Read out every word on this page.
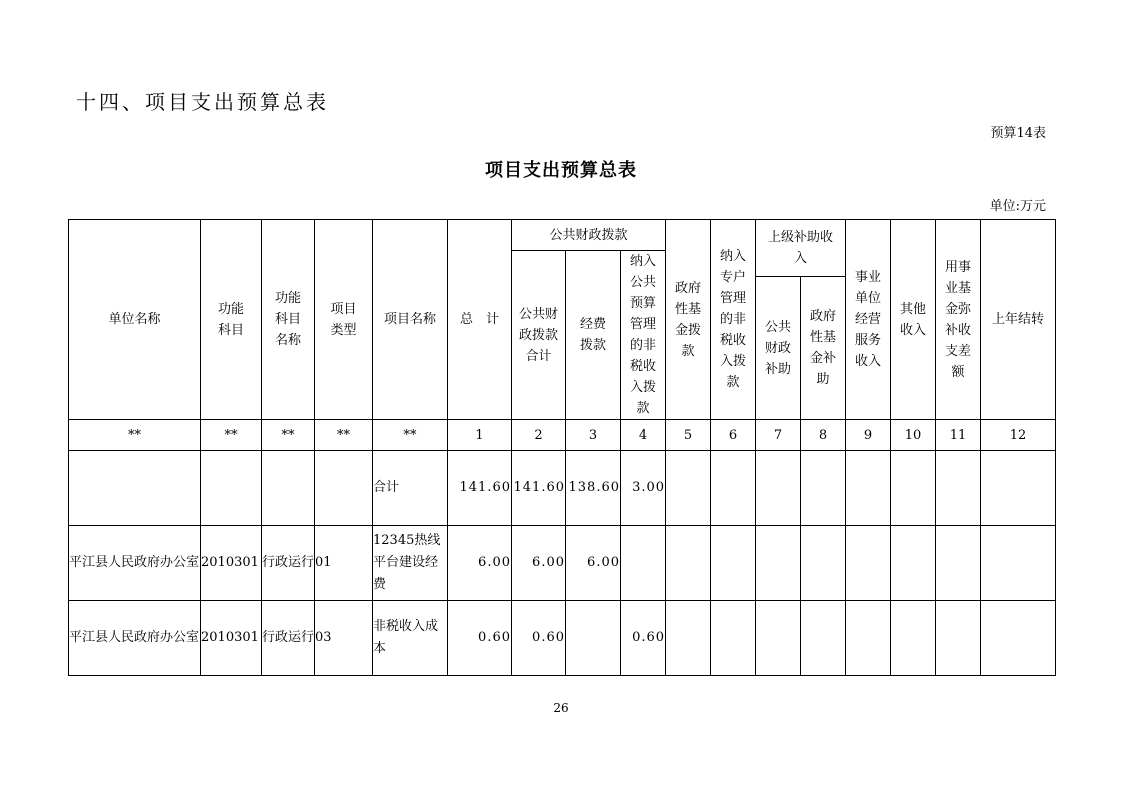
十四、项目支出预算总表
预算14表
项目支出预算总表
单位:万元
单位名称	功能科目	功能科目名称	项目类型	项目名称	总　计	公共财政拨款			政府性基金拨款	纳入专户管理的非税收入拨款	上级补助收入		事业单位经营服务收入	其他收入	用事业基金弥补收支差额	上年结转
						公共财政拨款合计	经费拨款	纳入公共预算管理的非税收入拨款								
											公共财政补助	政府性基金补助				
**	**	**	**	**	1	2	3	4	5	6	7	8	9	10	11	12
				合计	141.60	141.60	138.60	3.00								
平江县人民政府办公室	2010301	行政运行	01	12345热线平台建设经费	6.00	6.00	6.00									
平江县人民政府办公室	2010301	行政运行	03	非税收入成本	0.60	0.60		0.60								
26
